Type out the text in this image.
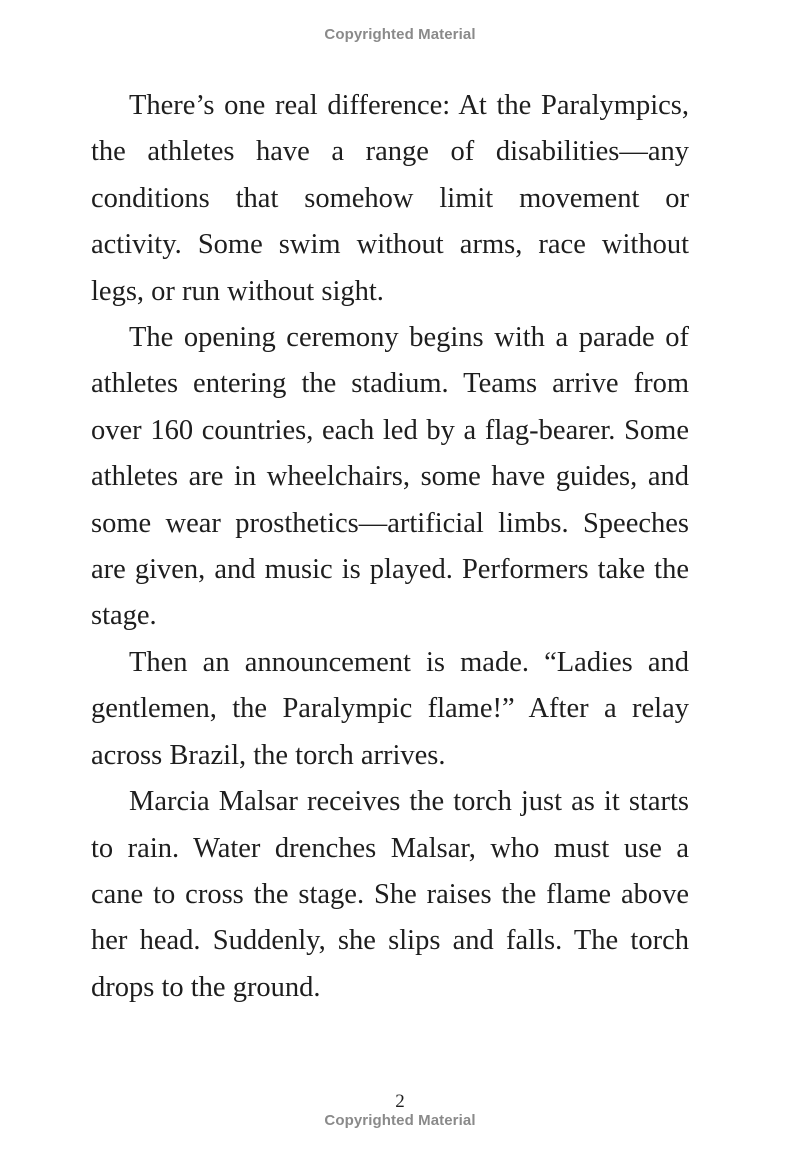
Copyrighted Material

There’s one real difference: At the Paralympics, the athletes have a range of disabilities—any conditions that somehow limit movement or activity. Some swim without arms, race without legs, or run without sight.

The opening ceremony begins with a parade of athletes entering the stadium. Teams arrive from over 160 countries, each led by a flag-bearer. Some athletes are in wheelchairs, some have guides, and some wear prosthetics—artificial limbs. Speeches are given, and music is played. Performers take the stage.

Then an announcement is made. “Ladies and gentlemen, the Paralympic flame!” After a relay across Brazil, the torch arrives.

Marcia Malsar receives the torch just as it starts to rain. Water drenches Malsar, who must use a cane to cross the stage. She raises the flame above her head. Suddenly, she slips and falls. The torch drops to the ground.

2
Copyrighted Material
